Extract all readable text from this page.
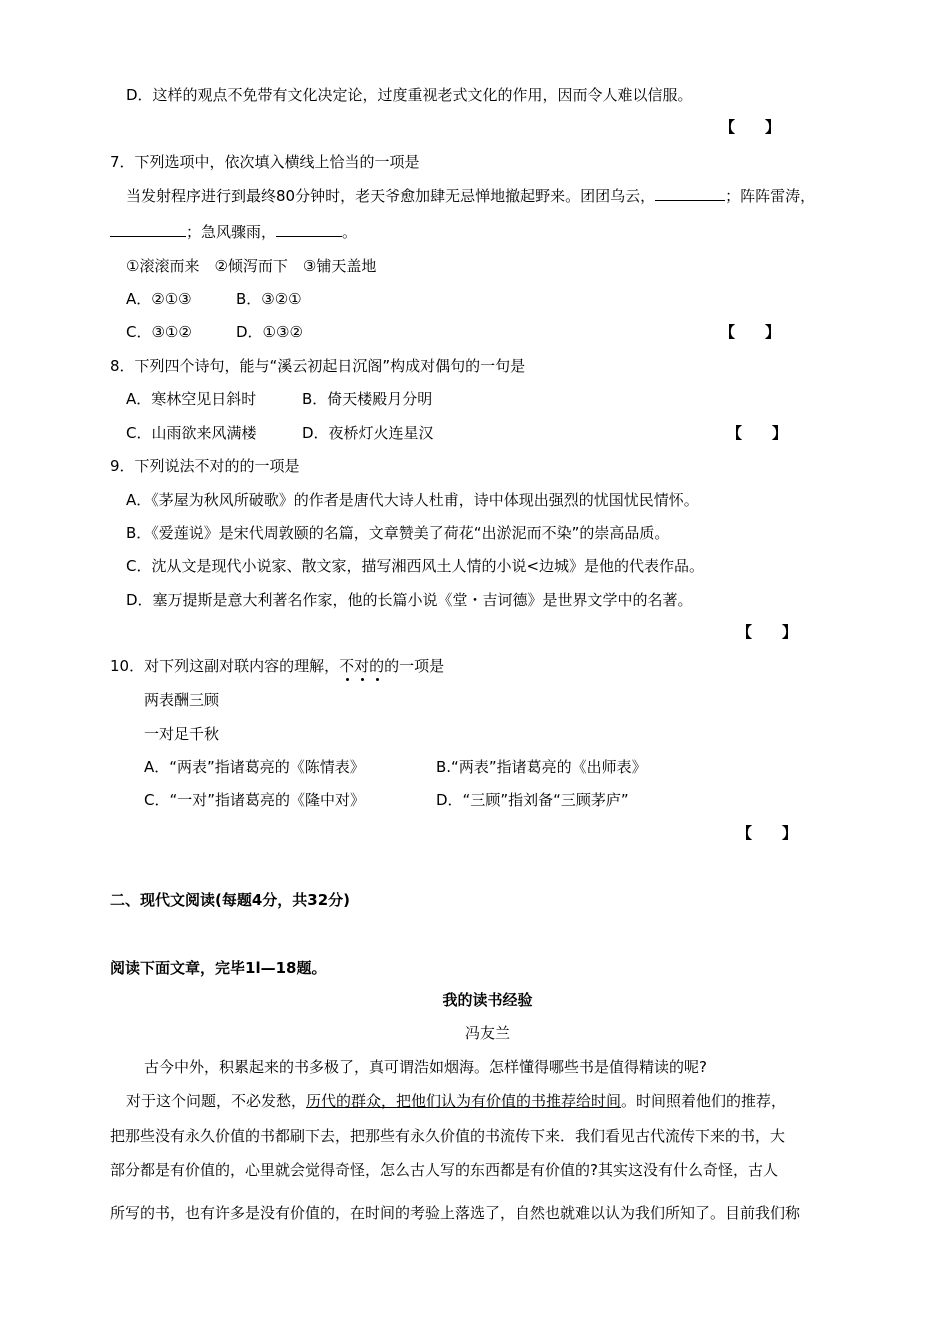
D．这样的观点不免带有文化决定论，过度重视老式文化的作用，因而令人难以信服。
【　　】
7．下列选项中，依次填入横线上恰当的一项是
当发射程序进行到最终80分钟时，老天爷愈加肆无忌惮地撤起野来。团团乌云，	；阵阵雷涛，
；急风骤雨，	。
①滚滚而来　②倾泻而下　③铺天盖地
A．②①③	B．③②①
C．③①②	D．①③②	【　　】
8．下列四个诗句，能与“溪云初起日沉阁”构成对偶句的一句是
A．寒林空见日斜时	B．倚天楼殿月分明
C．山雨欲来风满楼	D．夜桥灯火连星汉	【　　】
9．下列说法不对的的一项是
A．《茅屋为秋风所破歌》的作者是唐代大诗人杜甫，诗中体现出强烈的忧国忧民情怀。
B．《爱莲说》是宋代周敦颐的名篇，文章赞美了荷花“出淤泥而不染”的崇高品质。
C．沈从文是现代小说家、散文家，描写湘西风土人情的小说<边城》是他的代表作品。
D．塞万提斯是意大利著名作家，他的长篇小说《堂・吉诃德》是世界文学中的名著。
【　　】
10．对下列这副对联内容的理解，不对的的一项是
两表酬三顾
一对足千秋
A．“两表”指诸葛亮的《陈情表》	B.“两表”指诸葛亮的《出师表》
C．“一对”指诸葛亮的《隆中对》	D．“三顾”指刘备“三顾茅庐”
【　　】
二、现代文阅读(每题4分，共32分)
阅读下面文章，完毕1l—18题。
我的读书经验
冯友兰
古今中外，积累起来的书多极了，真可谓浩如烟海。怎样懂得哪些书是值得精读的呢?
对于这个问题，不必发愁，历代的群众，把他们认为有价值的书推荐给时间。时间照着他们的推荐，
把那些没有永久价值的书都刷下去，把那些有永久价值的书流传下来．我们看见古代流传下来的书，大
部分都是有价值的，心里就会觉得奇怪，怎么古人写的东西都是有价值的?其实这没有什么奇怪，古人
所写的书，也有许多是没有价值的，在时间的考验上落选了，自然也就难以认为我们所知了。目前我们称
